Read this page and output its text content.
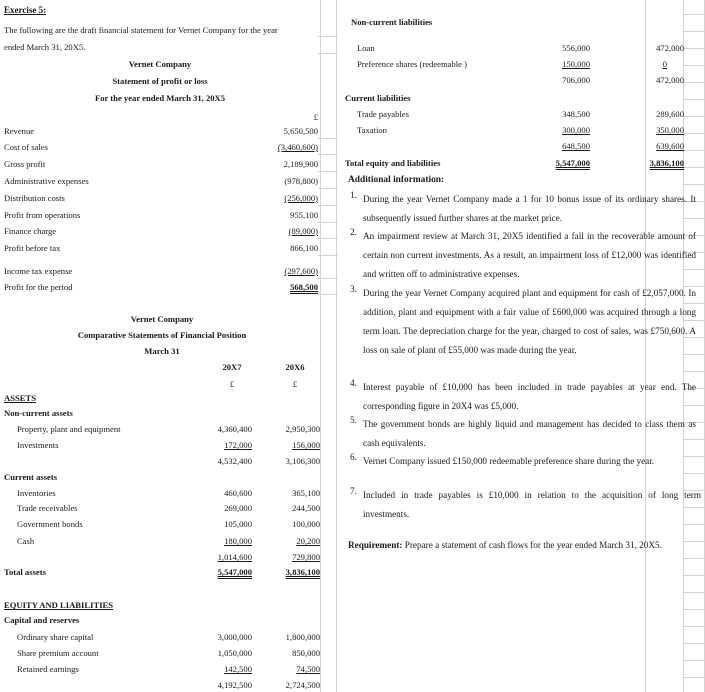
Exercise 5:
The following are the draft financial statement for Vernet Company for the year
ended March 31, 20X5.
Vernet Company
Statement of profit or loss
For the year ended March 31, 20X5
£
Revenue	5,650,500
Cost of sales	(3,460,600)
Gross profit	2,189,900
Administrative expenses	(978,800)
Distribution costs	(256,000)
Profit from operations	955,100
Finance charge	(89,000)
Profit before tax	866,100
Income tax expense	(297,600)
Profit for the period	568,500
Vernet Company
Comparative Statements of Financial Position
March 31
20X7	20X6
£	£
ASSETS
Non-current assets
Property, plant and equipment	4,360,400	2,950,300
Investments	172,000	156,000
4,532,400	3,106,300
Current assets
Inventories	460,600	365,100
Trade receivables	269,000	244,500
Government bonds	105,000	100,000
Cash	180,000	20,200
1,014,600	729,800
Total assets	5,547,000	3,836,100
EQUITY AND LIABILITIES
Capital and reserves
Ordinary share capital	3,000,000	1,800,000
Share premium account	1,050,000	850,000
Retained earnings	142,500	74,500
4,192,500	2,724,500
Non-current liabilities
Loan	556,000	472,000
Preference shares (redeemable )	150,000	0
706,000	472,000
Current liabilities
Trade payables	348,500	289,600
Taxation	300,000	350,000
648,500	639,600
Total equity and liabilities	5,547,000	3,836,100
Additional information:
1. During the year Vernet Company made a 1 for 10 bonus issue of its ordinary shares. It subsequently issued further shares at the market price.
2. An impairment review at March 31, 20X5 identified a fall in the recoverable amount of certain non current investments. As a result, an impairment loss of £12,000 was identified and written off to administrative expenses.
3. During the year Vernet Company acquired plant and equipment for cash of £2,057,000. In addition, plant and equipment with a fair value of £600,000 was acquired through a long term loan. The depreciation charge for the year, charged to cost of sales, was £750,600. A loss on sale of plant of £55,000 was made during the year.
4. Interest payable of £10,000 has been included in trade payables at year end. The corresponding figure in 20X4 was £5,000.
5. The government bonds are highly liquid and management has decided to class them as cash equivalents.
6. Vernet Company issued £150,000 redeemable preference share during the year.
7. Included in trade payables is £10,000 in relation to the acquisition of long term investments.
Requirement: Prepare a statement of cash flows for the year ended March 31, 20X5.
